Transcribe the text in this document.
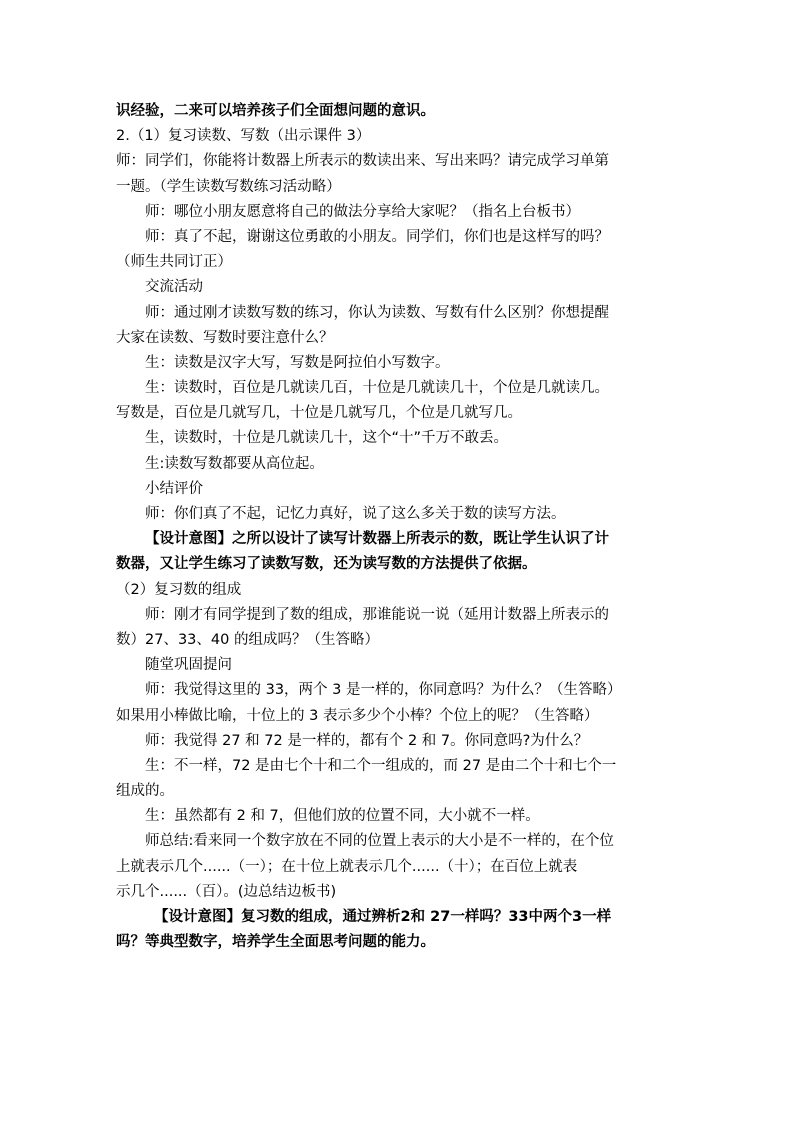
识经验，二来可以培养孩子们全面想问题的意识。
2.（1）复习读数、写数（出示课件 3）
师：同学们，你能将计数器上所表示的数读出来、写出来吗？请完成学习单第
一题。（学生读数写数练习活动略）
师：哪位小朋友愿意将自己的做法分享给大家呢？（指名上台板书）
师：真了不起，谢谢这位勇敢的小朋友。同学们，你们也是这样写的吗？
（师生共同订正）
交流活动
师：通过刚才读数写数的练习，你认为读数、写数有什么区别？你想提醒
大家在读数、写数时要注意什么？
生：读数是汉字大写，写数是阿拉伯小写数字。
生：读数时，百位是几就读几百，十位是几就读几十，个位是几就读几。
写数是，百位是几就写几，十位是几就写几，个位是几就写几。
生，读数时，十位是几就读几十，这个“十”千万不敢丢。
生:读数写数都要从高位起。
小结评价
师：你们真了不起，记忆力真好，说了这么多关于数的读写方法。
【设计意图】之所以设计了读写计数器上所表示的数，既让学生认识了计
数器，又让学生练习了读数写数，还为读写数的方法提供了依据。
（2）复习数的组成
师：刚才有同学提到了数的组成，那谁能说一说（延用计数器上所表示的
数）27、33、40 的组成吗？（生答略）
随堂巩固提问
师：我觉得这里的 33，两个 3 是一样的，你同意吗？为什么？（生答略）
如果用小棒做比喻，十位上的 3 表示多少个小棒？个位上的呢？（生答略）
师：我觉得 27 和 72 是一样的，都有个 2 和 7。你同意吗?为什么？
生：不一样，72 是由七个十和二个一组成的，而 27 是由二个十和七个一
组成的。
生：虽然都有 2 和 7，但他们放的位置不同，大小就不一样。
师总结:看来同一个数字放在不同的位置上表示的大小是不一样的，在个位
上就表示几个......（一）；在十位上就表示几个......（十）；在百位上就表
示几个......（百）。(边总结边板书)
【设计意图】复习数的组成，通过辨析2和 27一样吗？33中两个3一样
吗？等典型数字，培养学生全面思考问题的能力。
